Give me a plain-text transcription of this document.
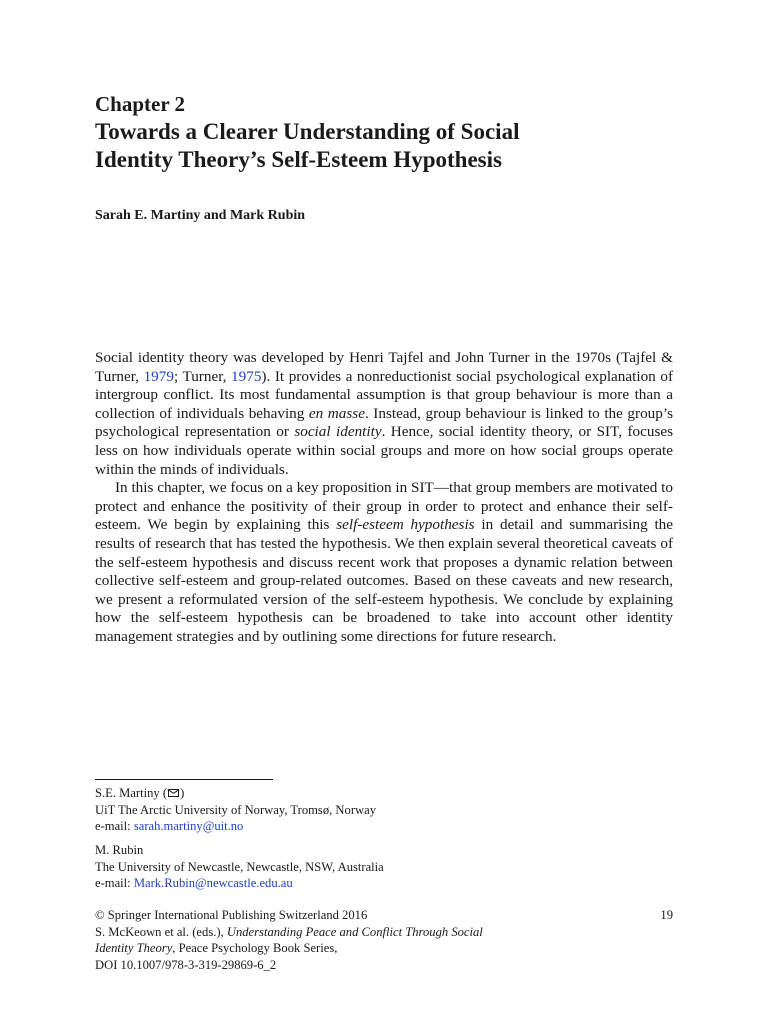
Chapter 2
Towards a Clearer Understanding of Social
Identity Theory’s Self-Esteem Hypothesis
Sarah E. Martiny and Mark Rubin

Social identity theory was developed by Henri Tajfel and John Turner in the 1970s (Tajfel & Turner, 1979; Turner, 1975). It provides a nonreductionist social psychological explanation of intergroup conflict. Its most fundamental assumption is that group behaviour is more than a collection of individuals behaving en masse. Instead, group behaviour is linked to the group’s psychological representation or social identity. Hence, social identity theory, or SIT, focuses less on how individuals operate within social groups and more on how social groups operate within the minds of individuals.

In this chapter, we focus on a key proposition in SIT—that group members are motivated to protect and enhance the positivity of their group in order to protect and enhance their self-esteem. We begin by explaining this self-esteem hypothesis in detail and summarising the results of research that has tested the hypothesis. We then explain several theoretical caveats of the self-esteem hypothesis and discuss recent work that proposes a dynamic relation between collective self-esteem and group-related outcomes. Based on these caveats and new research, we present a reformulated version of the self-esteem hypothesis. We conclude by explaining how the self-esteem hypothesis can be broadened to take into account other identity management strategies and by outlining some directions for future research.

S.E. Martiny ( )
UiT The Arctic University of Norway, Tromsø, Norway
e-mail: sarah.martiny@uit.no
M. Rubin
The University of Newcastle, Newcastle, NSW, Australia
e-mail: Mark.Rubin@newcastle.edu.au
© Springer International Publishing Switzerland 2016
S. McKeown et al. (eds.), Understanding Peace and Conflict Through Social
Identity Theory, Peace Psychology Book Series,
DOI 10.1007/978-3-319-29869-6_2
19
